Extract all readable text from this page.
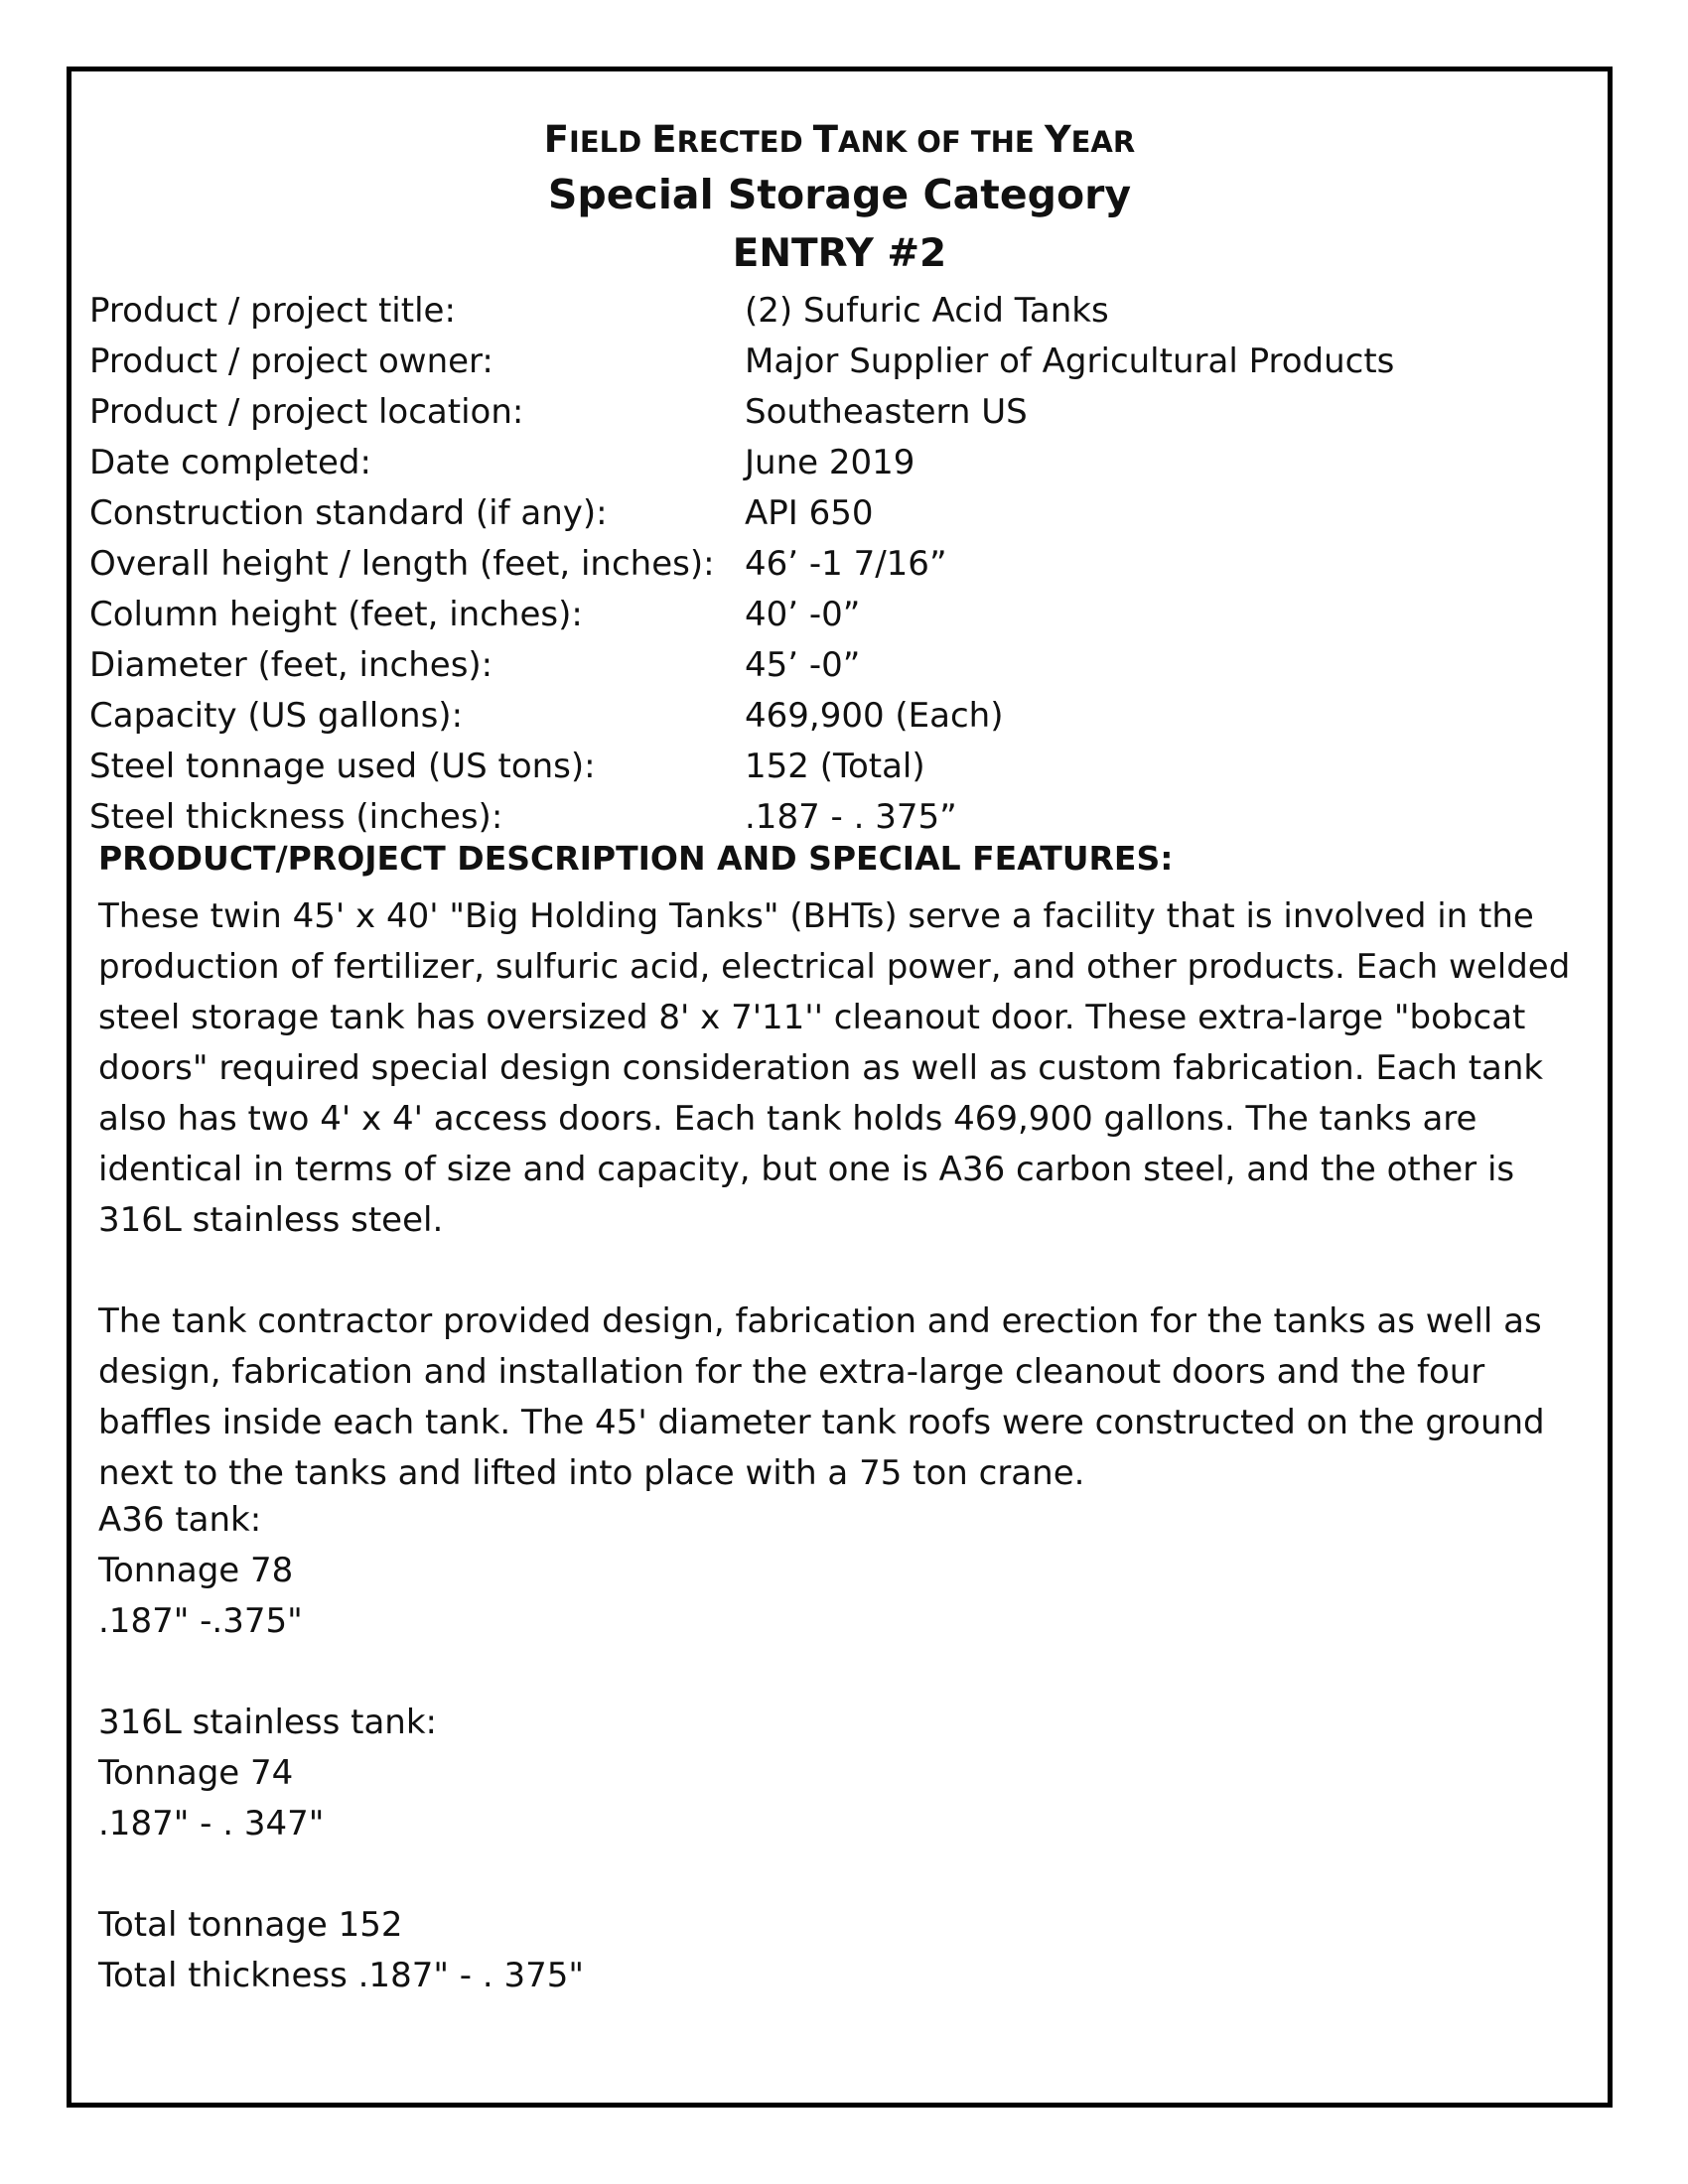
FIELD ERECTED TANK OF THE YEAR
Special Storage Category
ENTRY #2
Product / project title:	(2) Sufuric Acid Tanks
Product / project owner:	Major Supplier of Agricultural Products
Product / project location:	Southeastern US
Date completed:	June 2019
Construction standard (if any):	API 650
Overall height / length (feet, inches): 46’ -1 7/16”
Column height (feet, inches):	40’ -0”
Diameter (feet, inches):	45’ -0”
Capacity (US gallons):	469,900 (Each)
Steel tonnage used (US tons):	152 (Total)
Steel thickness (inches):	.187 - . 375”
PRODUCT/PROJECT DESCRIPTION AND SPECIAL FEATURES:

These twin 45' x 40' "Big Holding Tanks" (BHTs) serve a facility that is involved in the production of fertilizer, sulfuric acid, electrical power, and other products. Each welded steel storage tank has oversized 8' x 7'11'' cleanout door. These extra-large "bobcat doors" required special design consideration as well as custom fabrication. Each tank also has two 4' x 4' access doors. Each tank holds 469,900 gallons. The tanks are identical in terms of size and capacity, but one is A36 carbon steel, and the other is 316L stainless steel.

The tank contractor provided design, fabrication and erection for the tanks as well as design, fabrication and installation for the extra-large cleanout doors and the four baffles inside each tank. The 45' diameter tank roofs were constructed on the ground next to the tanks and lifted into place with a 75 ton crane.

A36 tank:
Tonnage 78
.187" -.375"
316L stainless tank:
Tonnage 74
.187" - . 347"
Total tonnage 152
Total thickness .187" - . 375"
